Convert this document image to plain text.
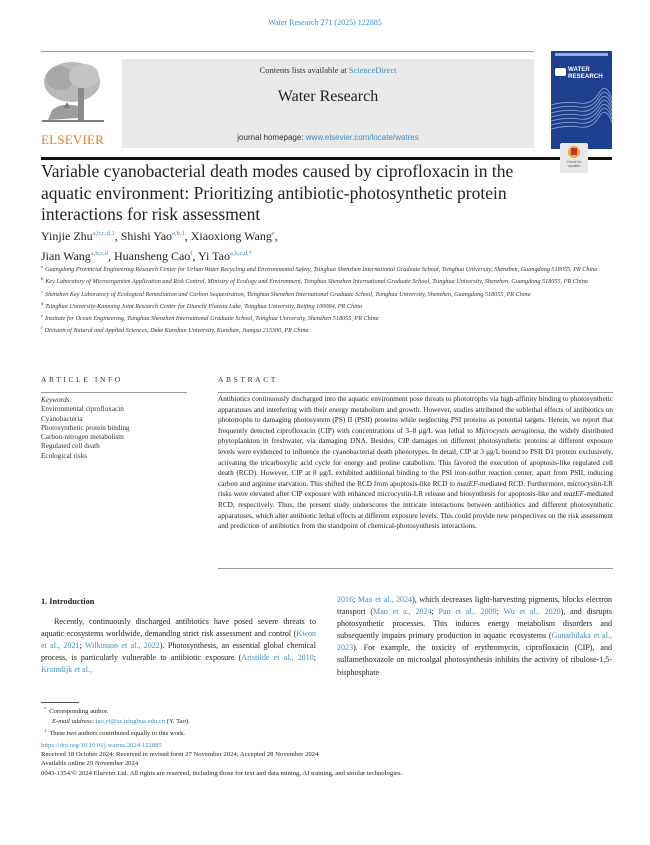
Water Research 271 (2025) 122885
ELSEVIER
Contents lists available at ScienceDirect
Water Research
journal homepage: www.elsevier.com/locate/watres
WATER
RESEARCH
Check for updates
Variable cyanobacterial death modes caused by ciprofloxacin in the aquatic environment: Prioritizing antibiotic-photosynthetic protein interactions for risk assessment
Yinjie Zhu$^{a,b,c,d,1}$, Shishi Yao$^{a,b,1}$, Xiaoxiong Wang$^e$,
Jian Wang$^{a,b,c,d}$, Huansheng Cao$^f$, Yi Tao$^{a,b,c,d,*}$
$^a$ Guangdong Provincial Engineering Research Center for Urban Water Recycling and Environmental Safety, Tsinghua Shenzhen International Graduate School, Tsinghua University, Shenzhen, Guangdong 518055, PR China
$^b$ Key Laboratory of Microorganism Application and Risk Control, Ministry of Ecology and Environment, Tsinghua Shenzhen International Graduate School, Tsinghua University, Shenzhen, Guangdong 518055, PR China
$^c$ Shenzhen Key Laboratory of Ecological Remediation and Carbon Sequestration, Tsinghua Shenzhen International Graduate School, Tsinghua University, Shenzhen, Guangdong 518055, PR China
$^d$ Tsinghua University-Kunming Joint Research Center for Dianchi Plateau Lake, Tsinghua University, Beijing 100084, PR China
$^e$ Institute for Ocean Engineering, Tsinghua Shenzhen International Graduate School, Tsinghua University, Shenzhen 518055, PR China
$^f$ Division of Natural and Applied Sciences, Duke Kunshan University, Kunshan, Jiangsu 215300, PR China
ARTICLE INFO
Keywords:
Environmental ciprofloxacin
Cyanobacteria
Photosynthetic protein binding
Carbon-nitrogen metabolism
Regulated cell death
Ecological risks
ABSTRACT
Antibiotics continuously discharged into the aquatic environment pose threats to phototrophs via high-affinity binding to photosynthetic apparatuses and interfering with their energy metabolism and growth. However, studies attributed the sublethal effects of antibiotics on phototrophs to damaging photosystem (PS) II (PSII) proteins while neglecting PSI proteins as potential targets. Herein, we report that frequently detected ciprofloxacin (CIP) with concentrations of 3–8 μg/L was lethal to Microcystis aeruginosa, the widely distributed phytoplankton in freshwater, via damaging DNA. Besides, CIP damages on different photosynthetic proteins at different exposure levels were evidenced to influence the cyanobacterial death phenotypes. In detail, CIP at 3 μg/L bound to PSII D1 protein exclusively, activating the tricarboxylic acid cycle for energy and proline catabolism. This favored the execution of apoptosis-like regulated cell death (RCD). However, CIP at 8 μg/L exhibited additional binding to the PSI iron-sulfur reaction center, apart from PSII, inducing carbon and arginine starvation. This shifted the RCD from apoptosis-like RCD to mazEF-mediated RCD. Furthermore, microcystin-LR risks were elevated after CIP exposure with enhanced microcystin-LR release and biosynthesis for apoptosis-like and mazEF-mediated RCD, respectively. Thus, the present study underscores the intricate interactions between antibiotics and different photosynthetic apparatuses, which alter antibiotic lethal effects at different exposure levels. This could provide new perspectives on the risk assessment and prediction of antibiotics from the standpoint of chemical-photosynthesis interactions.
1. Introduction
Recently, continuously discharged antibiotics have posed severe threats to aquatic ecosystems worldwide, demanding strict risk assessment and control (Kwon et al., 2021; Wilkinson et al., 2022). Photosynthesis, an essential global chemical process, is particularly vulnerable to antibiotic exposure (Aristilde et al., 2010; Kromdijk et al.,
2016; Mao et al., 2024), which decreases light-harvesting pigments, blocks electron transport (Mao et a., 2024; Pan et al., 2009; Wu et al., 2020), and disrupts photosynthetic processes. This induces energy metabolism disorders and subsequently impairs primary production in aquatic ecosystems (Gunathilaka et al., 2023). For example, the toxicity of erythromycin, ciprofloxacin (CIP), and sulfamethoxazole on microalgal photosynthesis inhibits the activity of ribulose-1,5-bisphosphate
* Corresponding author.
E-mail address: tao.yi@sz.tsinghua.edu.cn (Y. Tao).
$^1$ These two authors contributed equally to this work.
https://doi.org/10.1016/j.watres.2024.122885
Received 18 October 2024; Received in revised form 27 November 2024; Accepted 28 November 2024
Available online 29 November 2024
0043-1354/© 2024 Elsevier Ltd. All rights are reserved, including those for text and data mining, AI training, and similar technologies.
